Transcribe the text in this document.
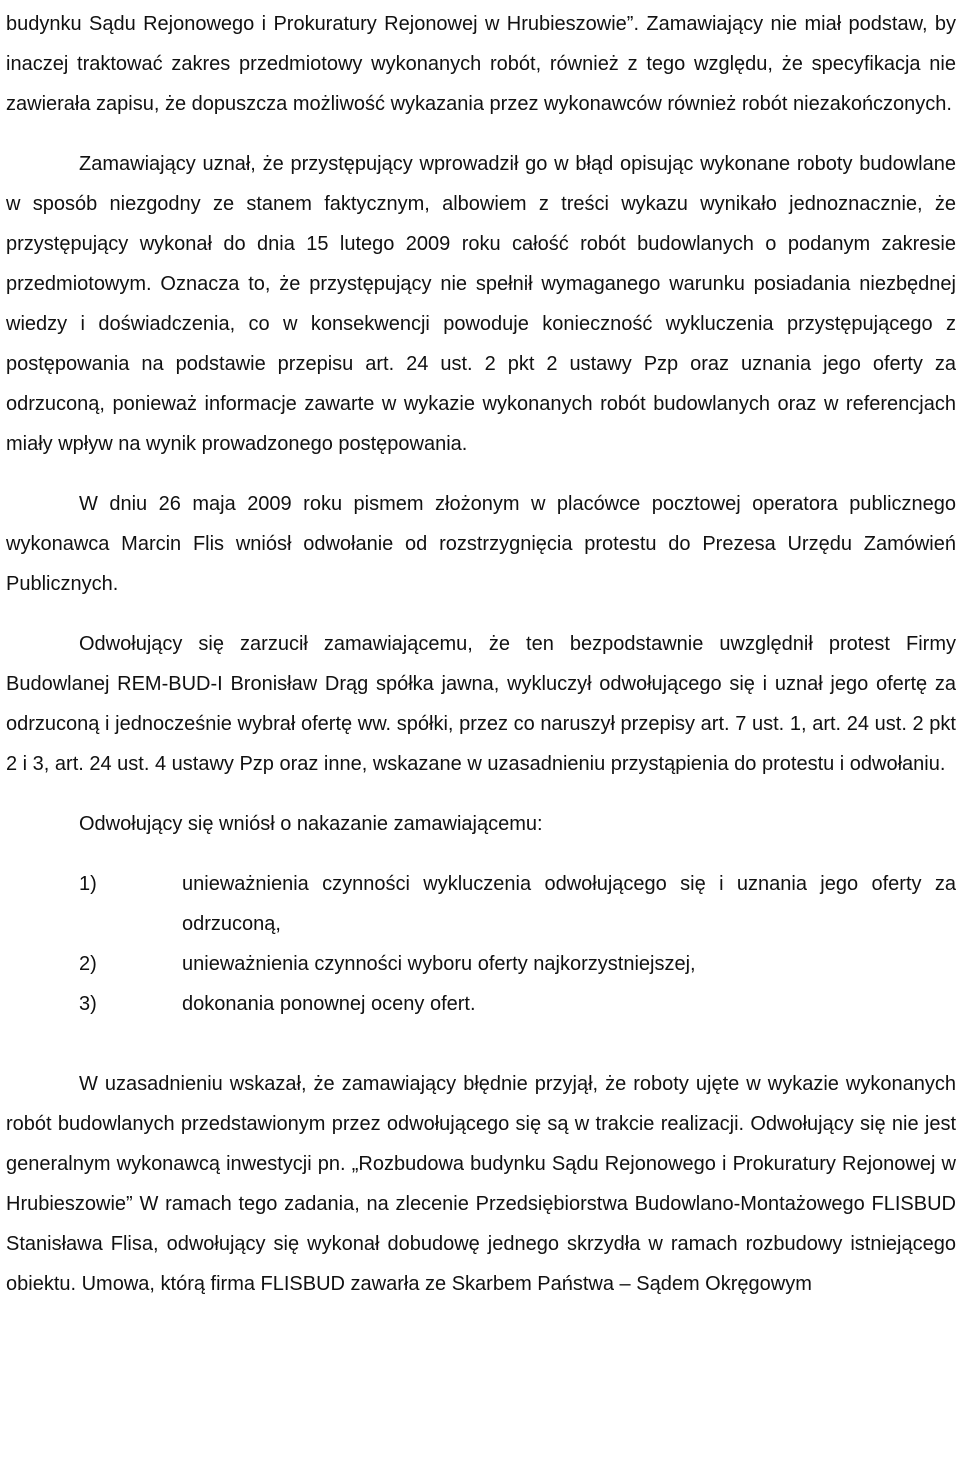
budynku Sądu Rejonowego i Prokuratury Rejonowej w Hrubieszowie”. Zamawiający nie miał podstaw, by inaczej traktować zakres przedmiotowy wykonanych robót, również z tego względu, że specyfikacja nie zawierała zapisu, że dopuszcza możliwość wykazania przez wykonawców również robót niezakończonych.

Zamawiający uznał, że przystępujący wprowadził go w błąd opisując wykonane roboty budowlane w sposób niezgodny ze stanem faktycznym, albowiem z treści wykazu wynikało jednoznacznie, że przystępujący wykonał do dnia 15 lutego 2009 roku całość robót budowlanych o podanym zakresie przedmiotowym. Oznacza to, że przystępujący nie spełnił wymaganego warunku posiadania niezbędnej wiedzy i doświadczenia, co w konsekwencji powoduje konieczność wykluczenia przystępującego z postępowania na podstawie przepisu art. 24 ust. 2 pkt 2 ustawy Pzp oraz uznania jego oferty za odrzuconą, ponieważ informacje zawarte w wykazie wykonanych robót budowlanych oraz w referencjach miały wpływ na wynik prowadzonego postępowania.

W dniu 26 maja 2009 roku pismem złożonym w placówce pocztowej operatora publicznego wykonawca Marcin Flis wniósł odwołanie od rozstrzygnięcia protestu do Prezesa Urzędu Zamówień Publicznych.

Odwołujący się zarzucił zamawiającemu, że ten bezpodstawnie uwzględnił protest Firmy Budowlanej REM-BUD-I Bronisław Drąg spółka jawna, wykluczył odwołującego się i uznał jego ofertę za odrzuconą i jednocześnie wybrał ofertę ww. spółki, przez co naruszył przepisy art. 7 ust. 1, art. 24 ust. 2 pkt 2 i 3, art. 24 ust. 4 ustawy Pzp oraz inne, wskazane w uzasadnieniu przystąpienia do protestu i odwołaniu.

Odwołujący się wniósł o nakazanie zamawiającemu:

1)	unieważnienia czynności wykluczenia odwołującego się i uznania jego oferty za odrzuconą,
2)	unieważnienia czynności wyboru oferty najkorzystniejszej,
3)	dokonania ponownej oceny ofert.

W uzasadnieniu wskazał, że zamawiający błędnie przyjął, że roboty ujęte w wykazie wykonanych robót budowlanych przedstawionym przez odwołującego się są w trakcie realizacji. Odwołujący się nie jest generalnym wykonawcą inwestycji pn. „Rozbudowa budynku Sądu Rejonowego i Prokuratury Rejonowej w Hrubieszowie” W ramach tego zadania, na zlecenie Przedsiębiorstwa Budowlano-Montażowego FLISBUD Stanisława Flisa, odwołujący się wykonał dobudowę jednego skrzydła w ramach rozbudowy istniejącego obiektu. Umowa, którą firma FLISBUD zawarła ze Skarbem Państwa – Sądem Okręgowym
